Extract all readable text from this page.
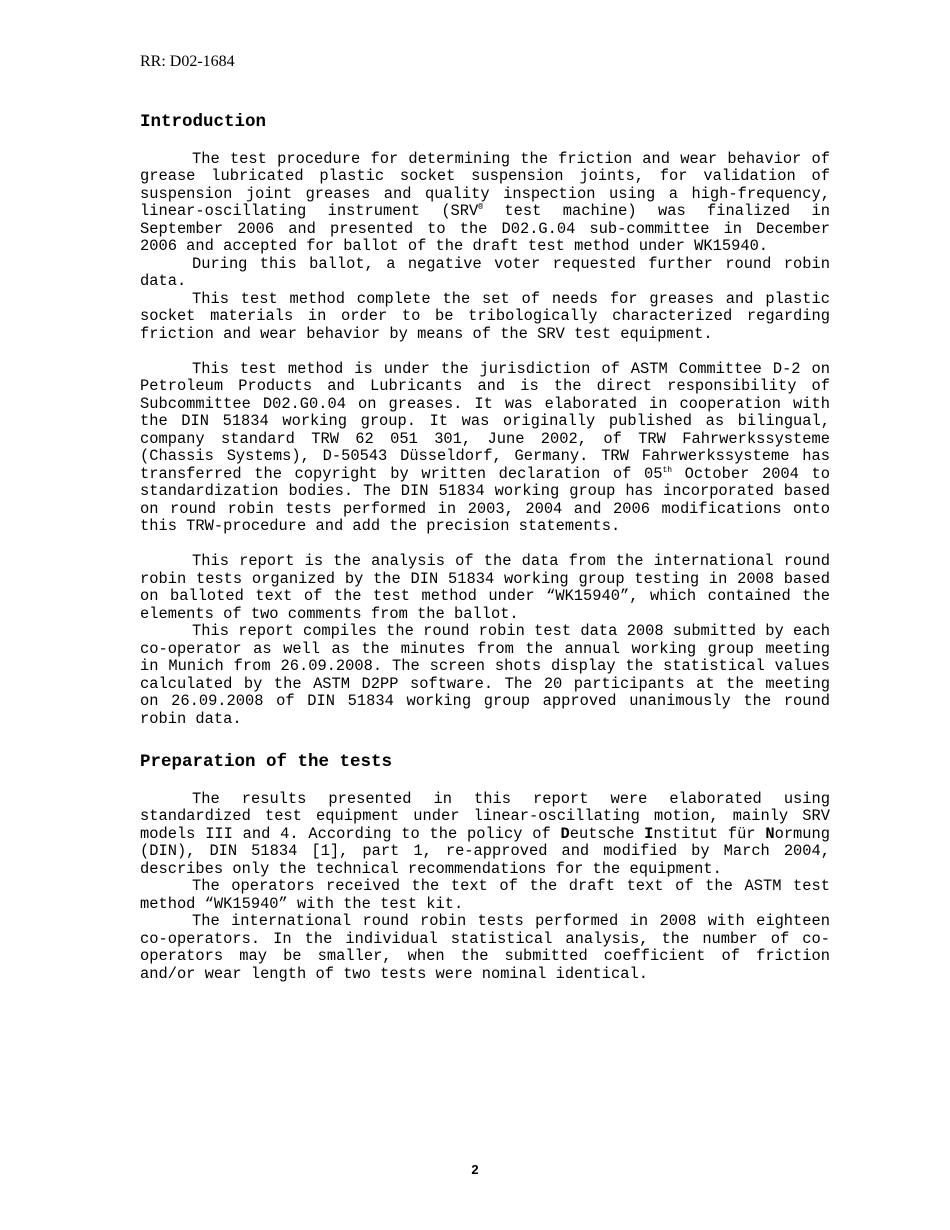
RR: D02-1684
Introduction

The test procedure for determining the friction and wear behavior of grease lubricated plastic socket suspension joints, for validation of suspension joint greases and quality inspection using a high-frequency, linear-oscillating instrument (SRV® test machine) was finalized in September 2006 and presented to the D02.G.04 sub-committee in December 2006 and accepted for ballot of the draft test method under WK15940.

During this ballot, a negative voter requested further round robin data.

This test method complete the set of needs for greases and plastic socket materials in order to be tribologically characterized regarding friction and wear behavior by means of the SRV test equipment.

This test method is under the jurisdiction of ASTM Committee D-2 on Petroleum Products and Lubricants and is the direct responsibility of Subcommittee D02.G0.04 on greases. It was elaborated in cooperation with the DIN 51834 working group. It was originally published as bilingual, company standard TRW 62 051 301, June 2002, of TRW Fahrwerkssysteme (Chassis Systems), D-50543 Düsseldorf, Germany. TRW Fahrwerkssysteme has transferred the copyright by written declaration of 05th October 2004 to standardization bodies. The DIN 51834 working group has incorporated based on round robin tests performed in 2003, 2004 and 2006 modifications onto this TRW-procedure and add the precision statements.

This report is the analysis of the data from the international round robin tests organized by the DIN 51834 working group testing in 2008 based on balloted text of the test method under “WK15940”, which contained the elements of two comments from the ballot.

This report compiles the round robin test data 2008 submitted by each co-operator as well as the minutes from the annual working group meeting in Munich from 26.09.2008. The screen shots display the statistical values calculated by the ASTM D2PP software. The 20 participants at the meeting on 26.09.2008 of DIN 51834 working group approved unanimously the round robin data.

Preparation of the tests

The results presented in this report were elaborated using standardized test equipment under linear-oscillating motion, mainly SRV models III and 4. According to the policy of Deutsche Institut für Normung (DIN), DIN 51834 [1], part 1, re-approved and modified by March 2004, describes only the technical recommendations for the equipment.

The operators received the text of the draft text of the ASTM test method “WK15940” with the test kit.

The international round robin tests performed in 2008 with eighteen co-operators. In the individual statistical analysis, the number of co-operators may be smaller, when the submitted coefficient of friction and/or wear length of two tests were nominal identical.

2
